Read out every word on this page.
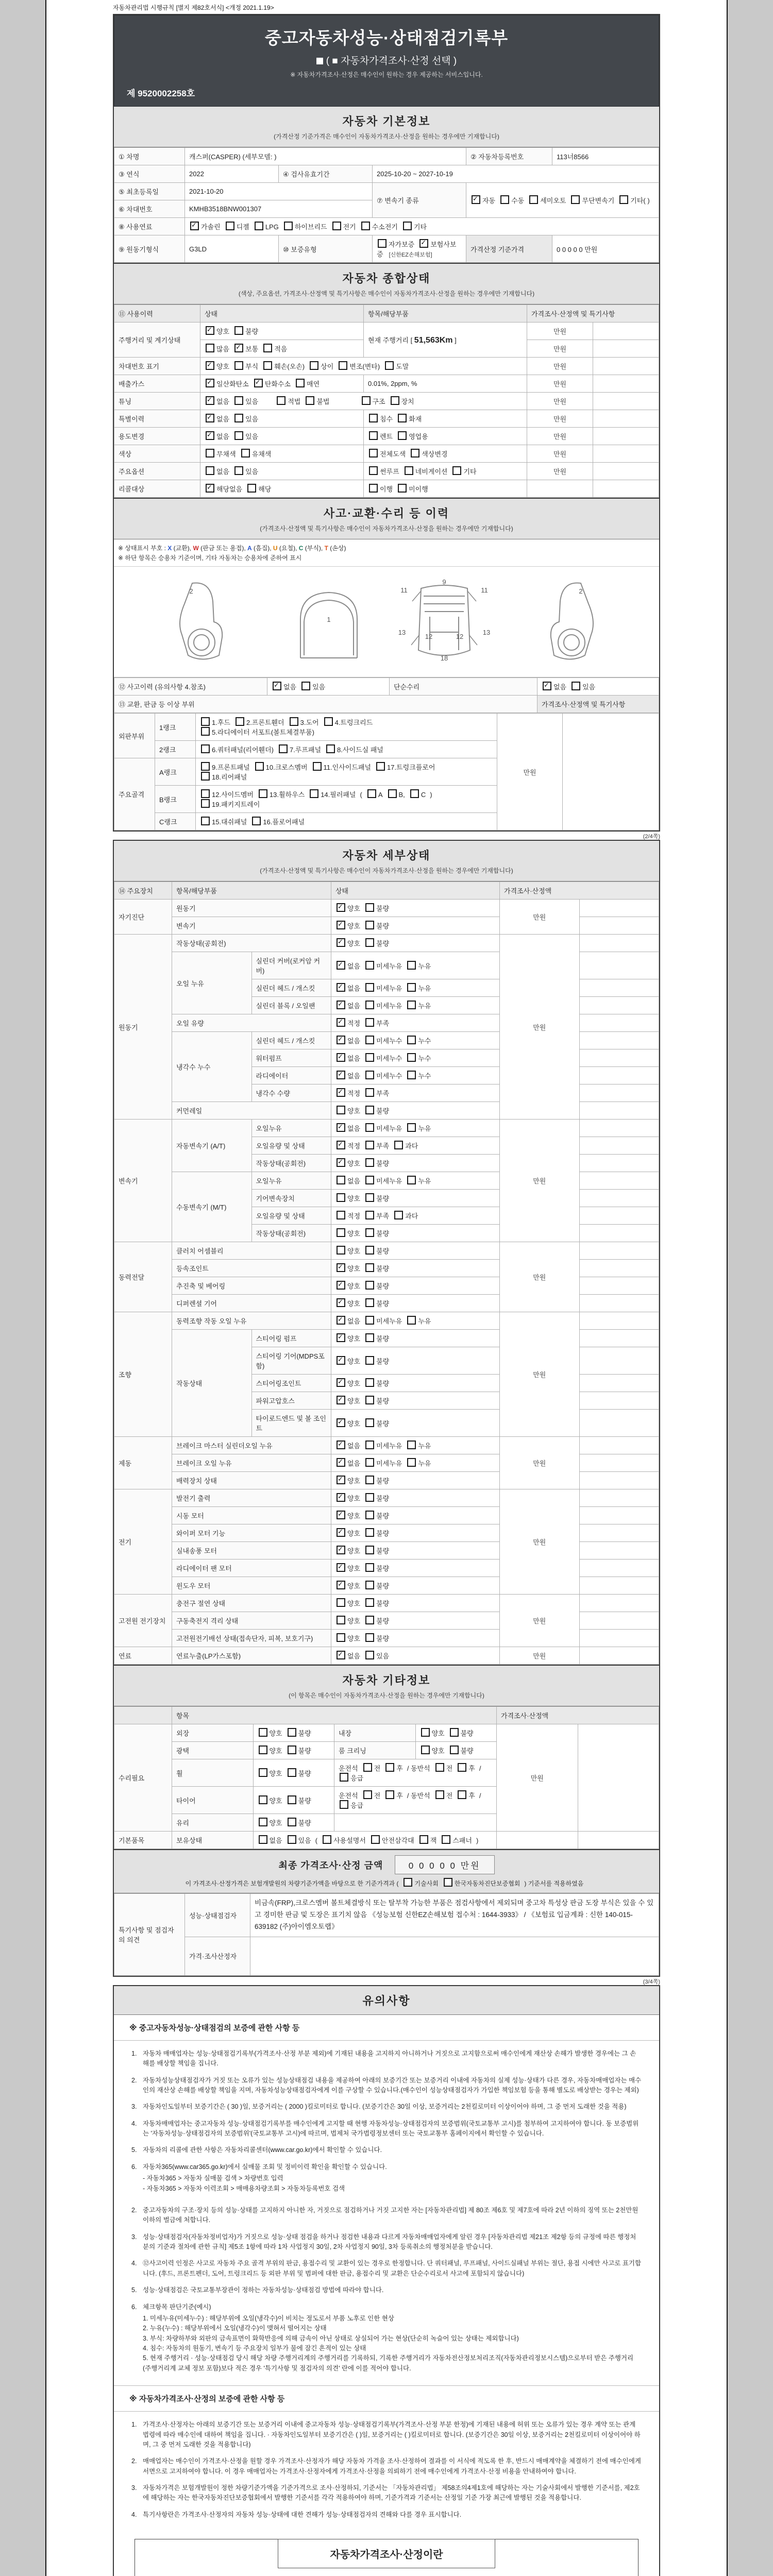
자동차관리법 시행규칙 [별지 제82호서식] <개정 2021.1.19>
중고자동차성능·상태점검기록부
( ■ 자동차가격조사·산정 선택 )
※ 자동차가격조사·산정은 매수인이 원하는 경우 제공하는 서비스입니다.
제 9520002258호
자동차 기본정보
(가격산정 기준가격은 매수인이 자동차가격조사·산정을 원하는 경우에만 기재합니다)
① 차명	캐스퍼(CASPER) (세부모델: )			② 자동차등록번호	113너8566
③ 연식	2022	④ 검사유효기간	2025-10-20 ~ 2027-10-19		
⑤ 최초등록일	2021-10-20		⑦ 변속기 종류	✓자동 수동 세미오토 무단변속기 기타( )
⑥ 차대번호	KMHB3518BNW001307				
⑧ 사용연료	✓가솔린 디젤 LPG 하이브리드 전기 수소전기 기타
⑨ 원동기형식	G3LD	⑩ 보증유형	자가보증 ✓ 보험사보증 [신한EZ손해보험]	가격산정 기준가격	0 0 0 0 0 만원
자동차 종합상태
(색상, 주요옵션, 가격조사·산정액 및 특기사항은 매수인이 자동차가격조사·산정을 원하는 경우에만 기재합니다)
⑪ 사용이력	상태	항목/해당부품	가격조사·산정액 및 특기사항	
주행거리 및 계기상태	✓양호 불량	현재 주행거리 [ 51,563Km ]	만원	
	많음 ✓ 보통 적음		만원	
차대번호 표기	✓양호 부식 훼손(오손) 상이 변조(변타) 도말		만원	
배출가스	✓일산화탄소 ✓ 탄화수소 매연	0.01%, 2ppm, %	만원	
튜닝	✓없음 있음 적법 불법 구조 장치		만원	
특별이력	✓없음 있음	침수 화재	만원	
용도변경	✓없음 있음	렌트 영업용	만원	
색상	무채색 유채색	전체도색 색상변경	만원	
주요옵션	없음 있음	썬루프 네비게이션 기타	만원	
리콜대상	✓해당없음 해당	이행 미이행		
사고·교환·수리 등 이력
(가격조사·산정액 및 특기사항은 매수인이 자동차가격조사·산정을 원하는 경우에만 기재합니다)
※ 상태표시 부호 : X (교환), W (판금 또는 용접), A (흠집), U (요철), C (부식), T (손상)
※ 하단 항목은 승용차 기준이며, 기타 자동차는 승용차에 준하여 표시
2

1

11	11
13	13
12	12
9
18

2
⑫ 사고이력 (유의사항 4.참조)	✓없음 있음	단순수리	✓없음 있음
⑬ 교환, 판금 등 이상 부위			가격조사·산정액 및 특기사항
외판부위	1랭크	1.후드 2.프론트휀더 3.도어 4.트렁크리드
5.라디에이터 서포트(볼트체결부품)	만원	
	2랭크	6.쿼터패널(리어휀더) 7.루프패널 8.사이드실 패널		
주요골격	A랭크	9.프론트패널 10.크로스멤버 11.인사이드패널 17.트렁크플로어
18.리어패널		
	B랭크	12.사이드멤버 13.휠하우스 14.필러패널 ( A B, C )
19.패키지트레이		
	C랭크	15.대쉬패널 16.플로어패널		
(2/4쪽)
자동차 세부상태
(가격조사·산정액 및 특기사항은 매수인이 자동차가격조사·산정을 원하는 경우에만 기재합니다)
⑭ 주요장치	항목/해당부품		상태	가격조사·산정액	
자기진단	원동기	✓양호 불량	만원	
	변속기	✓양호 불량	
원동기	작동상태(공회전)	✓양호 불량	만원	
	오일 누유	실린더 커버(로커암 커버)	✓없음 미세누유 누유	
		실린더 헤드 / 개스킷	✓없음 미세누유 누유	
		실린더 블록 / 오일팬	✓없음 미세누유 누유	
	오일 유량	✓적정 부족	
	냉각수 누수	실린더 헤드 / 개스킷	✓없음 미세누수 누수	
		워터펌프	✓없음 미세누수 누수	
		라디에이터	✓없음 미세누수 누수	
		냉각수 수량	✓적정 부족	
	커먼레일		양호 불량		
변속기	자동변속기 (A/T)	오일누유	✓없음 미세누유 누유	만원	
		오일유량 및 상태	✓적정 부족 과다	
		작동상태(공회전)	✓양호 불량	
	수동변속기 (M/T)	오일누유	없음 미세누유 누유		
		기어변속장치	양호 불량		
		오일유량 및 상태	적정 부족 과다		
		작동상태(공회전)	양호 불량		
동력전달	클러치 어셈블리		양호 불량	만원	
	등속조인트	✓양호 불량	
	추진축 및 베어링	✓양호 불량	
	디퍼렌셜 기어	✓양호 불량	
조향	동력조향 작동 오일 누유	✓없음 미세누유 누유	만원	
	작동상태	스티어링 펌프	✓양호 불량	
		스티어링 기어(MDPS포함)	✓양호 불량	
		스티어링조인트	✓양호 불량	
		파워고압호스	✓양호 불량	
		타이로드엔드 및 볼 조인트	✓양호 불량	
제동	브레이크 마스터 실린더오일 누유	✓없음 미세누유 누유	만원	
	브레이크 오일 누유	✓없음 미세누유 누유	
	배력장치 상태	✓양호 불량	
전기	발전기 출력	✓양호 불량	만원	
	시동 모터	✓양호 불량	
	와이퍼 모터 기능	✓양호 불량	
	실내송풍 모터	✓양호 불량	
	라디에이터 팬 모터	✓양호 불량	
	윈도우 모터	✓양호 불량	
고전원 전기장치	충전구 절연 상태		양호 불량	만원	
	구동축전지 격리 상태		양호 불량		
	고전원전기배선 상태(접속단자, 피복, 보호기구)		양호 불량		
연료	연료누출(LP가스포함)	✓없음 있음	만원	
자동차 기타정보
(이 항목은 매수인이 자동차가격조사·산정을 원하는 경우에만 기재합니다)
	항목				가격조사·산정액	
수리필요	외장	양호 불량	내장	양호 불량	만원	
	광택	양호 불량	룸 크리닝	양호 불량		
	휠	양호 불량	운전석 전 후 / 동반석 전 후 /응급			
	타이어	양호 불량	운전석 전 후 / 동반석 전 후 /응급			
	유리	양호 불량				
기본품목	보유상태	없음 있음 ( 사용설명서 안전삼각대 잭 스패너 )				
최종 가격조사·산정 금액	0 0 0 0 0 만원
이 가격조사·산정가격은 보험개발원의 차량기준가액을 바탕으로 한 기준가격과 (	기술사회	한국자동차진단보증협회 ) 기준서를 적용하였음
특기사항 및 점검자의 의견	성능·상태점검자	비금속(FRP),크로스멤버 볼트체결방식 또는 탈부착 가능한 부품은 점검사항에서 제외되며 중고차 특성상 판금 도장 부식은 있을 수 있고 경미한 판금 및 도장은 표기치 않음 《성능보험 신한EZ손해보험 접수처 : 1644-3933》 / 《보험료 입금계좌 : 신한 140-015-639182 (주)아이엠오토랩》
	가격·조사산정자	
(3/4쪽)
유의사항
※ 중고자동차성능·상태점검의 보증에 관한 사항 등
1. 자동차 매매업자는 성능·상태점검기록부(가격조사·산정 부분 제외)에 기재된 내용을 고지하지 아니하거나 거짓으로 고지함으로써 매수인에게 재산상 손해가 발생한 경우에는 그 손해를 배상할 책임을 집니다.
2. 자동차성능상태점검자가 거짓 또는 오류가 있는 성능상태점검 내용을 제공하여 아래의 보증기간 또는 보증거리 이내에 자동차의 실제 성능·상태가 다른 경우, 자동차매매업자는 매수인의 재산상 손해를 배상할 책임을 지며, 자동차성능상태점검자에게 이를 구상할 수 있습니다.(매수인이 성능상태점검자가 가입한 책임보험 등을 통해 별도로 배상받는 경우는 제외)
3. 자동차인도일부터 보증기간은 ( 30 )일, 보증거리는 ( 2000 )킬로미터로 합니다. (보증기간은 30일 이상, 보증거리는 2천킬로미터 이상이어야 하며, 그 중 먼저 도래한 것을 적용)
4. 자동차매매업자는 중고자동차 성능·상태점검기록부를 매수인에게 고지할 때 현행 자동차성능·상태점검자의 보증범위(국토교통부 고시)를 첨부하여 고지하여야 합니다. 동 보증범위는 '자동차성능·상태점검자의 보증범위'(국토교통부 고시)에 따르며, 법제처 국가법령정보센터 또는 국토교통부 홈페이지에서 확인할 수 있습니다.
5. 자동차의 리콜에 관한 사항은 자동차리콜센터(www.car.go.kr)에서 확인할 수 있습니다.
6. 자동차365(www.car365.go.kr)에서 실매물 조회 및 정비이력 확인을 확인할 수 있습니다.
- 자동차365 > 자동차 실매물 검색 > 차량번호 입력
- 자동차365 > 자동차 이력조회 > 매매용차량조회 > 자동차등록번호 검색
2. 중고자동차의 구조·장치 등의 성능·상태를 고지하지 아니한 자, 거짓으로 점검하거나 거짓 고지한 자는 [자동차관리법] 제 80조 제6호 및 제7호에 따라 2년 이하의 징역 또는 2천만원 이하의 벌금에 처합니다.
3. 성능·상태점검자(자동차정비업자)가 거짓으로 성능·상태 점검을 하거나 점검한 내용과 다르게 자동차매매업자에게 알린 경우 [자동차관리법 제21조 제2항 등의 규정에 따른 행정처분의 기준과 절차에 관한 규칙] 제5조 1항에 따라 1차 사업정지 30일, 2차 사업정지 90일, 3차 등록취소의 행정처분을 받습니다.
4. ⑫사고이력 인정은 사고로 자동차 주요 골격 부위의 판금, 용접수리 및 교환이 있는 경우로 한정합니다. 단 쿼터패널, 루프패널, 사이드실패널 부위는 절단, 용접 시에만 사고로 표기합니다. (후드, 프론트펜더, 도어, 트렁크리드 등 외판 부위 및 범퍼에 대한 판금, 용접수리 및 교환은 단순수리로서 사고에 포함되지 않습니다)
5. 성능·상태점검은 국토교통부장관이 정하는 자동차성능·상태점검 방법에 따라야 합니다.
6. 체크항목 판단기준(예시)
1. 미세누유(미세누수) : 해당부위에 오일(냉각수)이 비치는 정도로서 부품 노후로 인한 현상
2. 누유(누수) : 해당부위에서 오일(냉각수)이 맺혀서 떨어지는 상태
3. 부식: 차량하부와 외판의 금속표면이 화학반응에 의해 금속이 아닌 상태로 상실되어 가는 현상(단순히 녹슬어 있는 상태는 제외합니다)
4. 침수: 자동차의 원동기, 변속기 등 주요장치 일부가 물에 잠긴 흔적이 있는 상태
5. 현재 주행거리 · 성능·상태점검 당시 해당 차량 주행거리계의 주행거리를 기록하되, 기록한 주행거리가 자동차전산정보처리조직(자동차관리정보시스템)으로부터 받은 주행거리(주행거리계 교체 정보 포함)보다 적은 경우 '특기사항 및 점검자의 의견' 란에 이를 적어야 합니다.
※ 자동차가격조사·산정의 보증에 관한 사항 등
1. 가격조사·산정자는 아래의 보증기간 또는 보증거리 이내에 중고자동차 성능·상태점검기록부(가격조사·산정 부분 한정)에 기재된 내용에 허위 또는 오류가 있는 경우 계약 또는 관계법령에 따라 매수인에 대하여 책임을 집니다. · 자동차인도일부터 보증기간은 ( )일, 보증거리는 ( )킬로미터로 합니다. (보증기간은 30일 이상, 보증거리는 2천킬로미터 이상이어야 하며, 그 중 먼저 도래한 것을 적용합니다)
2. 매매업자는 매수인이 가격조사·산정을 원할 경우 가격조사·산정자가 해당 자동차 가격을 조사·산정하여 결과를 이 서식에 적도록 한 후, 반드시 매매계약을 체결하기 전에 매수인에게 서면으로 고지하여야 합니다. 이 경우 매매업자는 가격조사·산정자에게 가격조사·산정을 의뢰하기 전에 매수인에게 가격조사·산정 비용을 안내하여야 합니다.
3. 자동차가격은 보험개발원이 정한 차량기준가액을 기준가격으로 조사·산정하되, 기준서는 「자동차관리법」 제58조의4제1호에 해당하는 자는 기술사회에서 발행한 기준서를, 제2호에 해당하는 자는 한국자동차진단보증협회에서 발행한 기준서를 각각 적용하여야 하며, 기준가격과 기준서는 산정일 기준 가장 최근에 발행된 것을 적용합니다.
4. 특기사항란은 가격조사·산정자의 자동차 성능·상태에 대한 견해가 성능·상태점검자의 견해와 다를 경우 표시합니다.
자동차가격조사·산정이란
